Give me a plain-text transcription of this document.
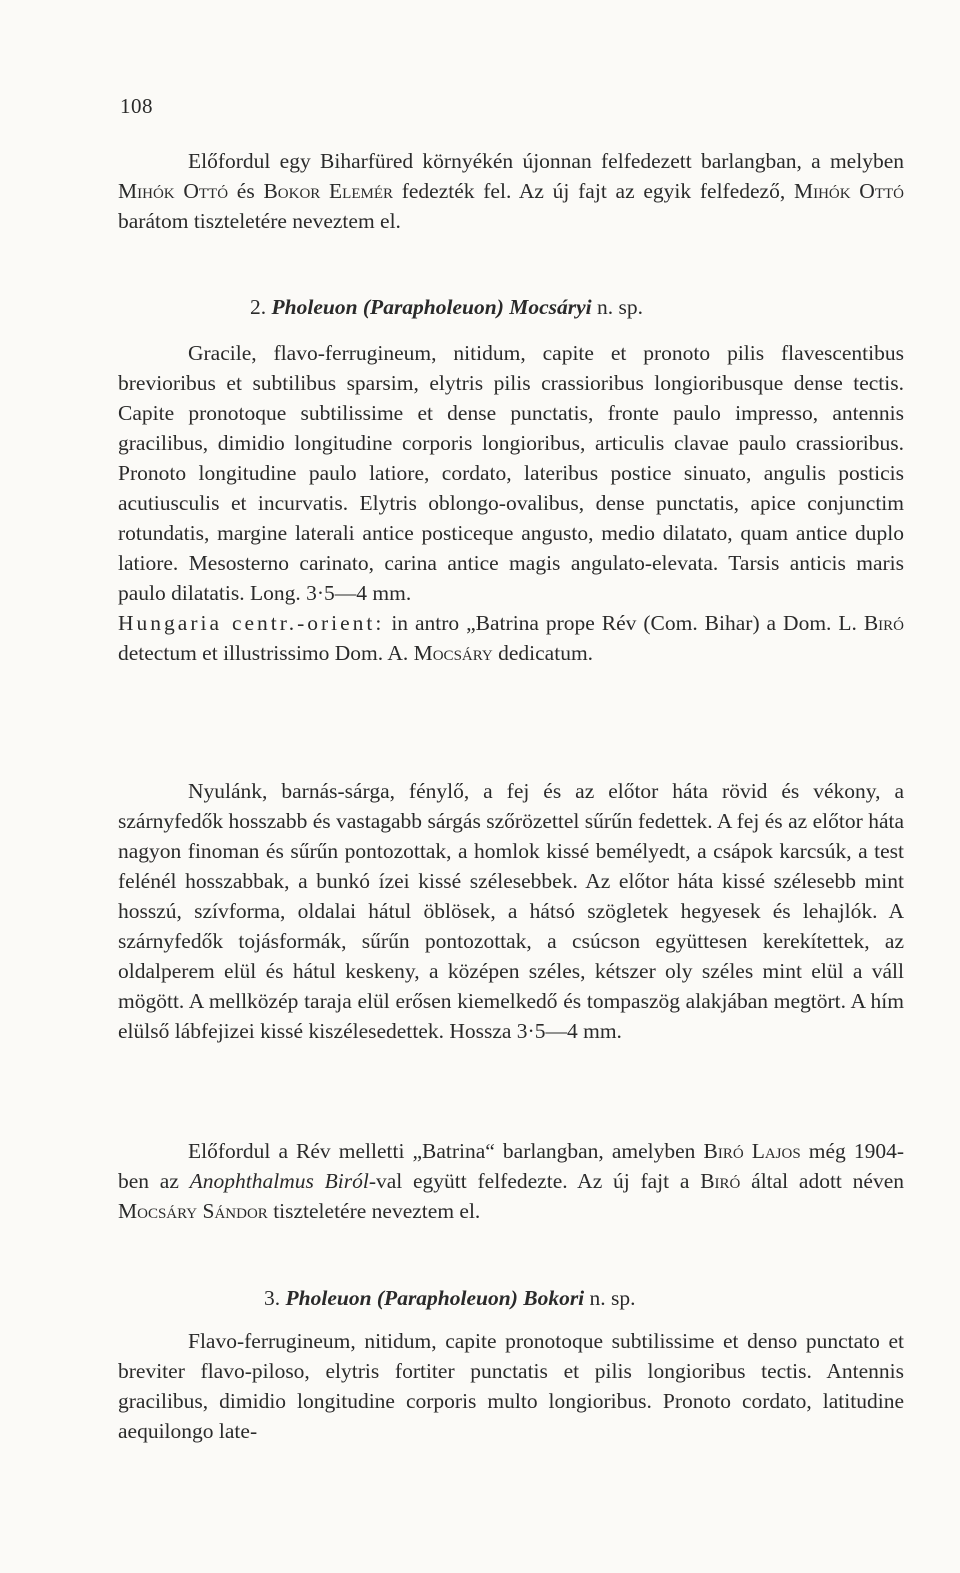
108
Előfordul egy Biharfüred környékén újonnan felfedezett barlangban, a melyben Mihók Ottó és Bokor Elemér fedezték fel. Az új fajt az egyik felfedező, Mihók Ottó barátom tiszteletére neveztem el.
2. Pholeuon (Parapholeuon) Mocsáryi n. sp.
Gracile, flavo-ferrugineum, nitidum, capite et pronoto pilis flavescentibus brevioribus et subtilibus sparsim, elytris pilis crassioribus longioribusque dense tectis. Capite pronotoque subtilissime et dense punctatis, fronte paulo impresso, antennis gracilibus, dimidio longitudine corporis longioribus, articulis clavae paulo crassioribus. Pronoto longitudine paulo latiore, cordato, lateribus postice sinuato, angulis posticis acutiusculis et incurvatis. Elytris oblongo-ovalibus, dense punctatis, apice conjunctim rotundatis, margine laterali antice posticeque angusto, medio dilatato, quam antice duplo latiore. Mesosterno carinato, carina antice magis angulato-elevata. Tarsis anticis maris paulo dilatatis. Long. 3·5—4 mm.
Hungaria centr.-orient: in antro „Batrina prope Rév (Com. Bihar) a Dom. L. Biró detectum et illustrissimo Dom. A. Mocsáry dedicatum.
Nyulánk, barnás-sárga, fénylő, a fej és az előtor háta rövid és vékony, a szárnyfedők hosszabb és vastagabb sárgás szőrözettel sűrűn fedettek. A fej és az előtor háta nagyon finoman és sűrűn pontozottak, a homlok kissé bemélyedt, a csápok karcsúk, a test felénél hosszabbak, a bunkó ízei kissé szélesebbek. Az előtor háta kissé szélesebb mint hosszú, szívforma, oldalai hátul öblösek, a hátsó szögletek hegyesek és lehajlók. A szárnyfedők tojásformák, sűrűn pontozottak, a csúcson együttesen kerekítettek, az oldalperem elül és hátul keskeny, a középen széles, kétszer oly széles mint elül a váll mögött. A mellközép taraja elül erősen kiemelkedő és tompaszög alakjában megtört. A hím elülső lábfejizei kissé kiszélesedettek. Hossza 3·5—4 mm.
Előfordul a Rév melletti „Batrina“ barlangban, amelyben Biró Lajos még 1904-ben az Anophthalmus Biról-val együtt felfedezte. Az új fajt a Biró által adott néven Mocsáry Sándor tiszteletére neveztem el.
3. Pholeuon (Parapholeuon) Bokori n. sp.
Flavo-ferrugineum, nitidum, capite pronotoque subtilissime et denso punctato et breviter flavo-piloso, elytris fortiter punctatis et pilis longioribus tectis. Antennis gracilibus, dimidio longitudine corporis multo longioribus. Pronoto cordato, latitudine aequilongo late-
